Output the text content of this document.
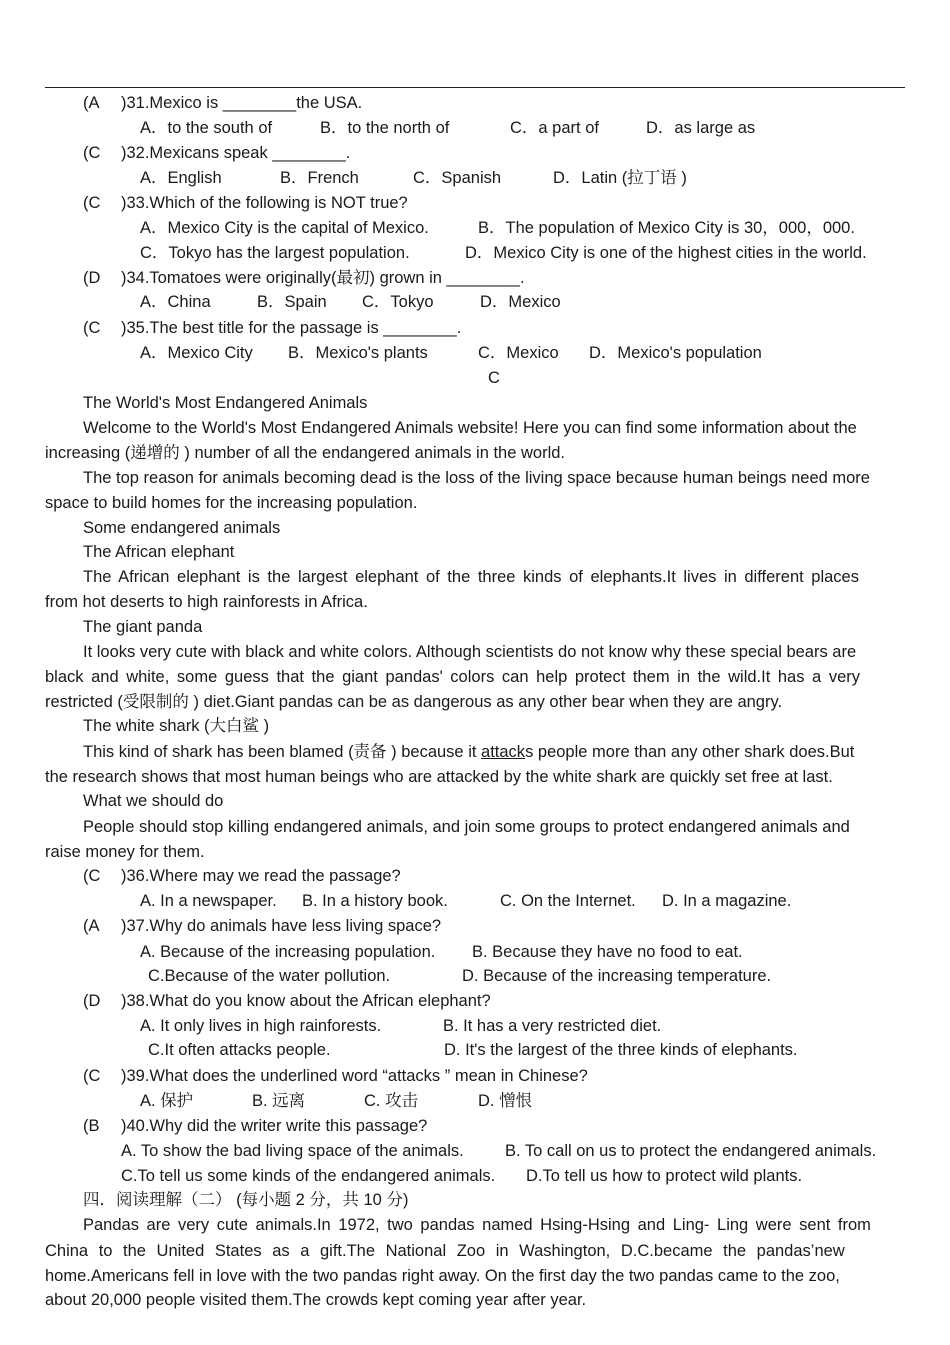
(A )31.Mexico is ________the USA.
A．to the south of	B．to the north of	C．a part of	D．as large as
(C )32.Mexicans speak ________.
A．English	B．French	C．Spanish	D．Latin (拉丁语 )
(C )33.Which of the following is NOT true?
A．Mexico City is the capital of Mexico.	B．The population of Mexico City is 30，000，000.
C．Tokyo has the largest population.	D．Mexico City is one of the highest cities in the world.
(D )34.Tomatoes were originally(最初) grown in ________.
A．China	B．Spain C．Tokyo	D．Mexico
(C )35.The best title for the passage is ________.
A．Mexico City B．Mexico's plants	C．Mexico D．Mexico's population
C
The World's Most Endangered Animals
Welcome to the World's Most Endangered Animals website! Here you can find some information about the
increasing (递增的 ) number of all the endangered animals in the world.
The top reason for animals becoming dead is the loss of the living space because human beings need more
space to build homes for the increasing population.
Some endangered animals
The African elephant
The African elephant is the largest elephant of the three kinds of elephants.It lives in different places
from hot deserts to high rainforests in Africa.
The giant panda
It looks very cute with black and white colors. Although scientists do not know why these special bears are
black and white, some guess that the giant pandas' colors can help protect them in the wild.It has a very
restricted (受限制的 ) diet.Giant pandas can be as dangerous as any other bear when they are angry.
The white shark (大白鲨 )
This kind of shark has been blamed (责备 ) because it attacks people more than any other shark does.But
the research shows that most human beings who are attacked by the white shark are quickly set free at last.
What we should do
People should stop killing endangered animals, and join some groups to protect endangered animals and
raise money for them.
(C )36.Where may we read the passage?
A. In a newspaper. B. In a history book.	C. On the Internet. D. In a magazine.
(A )37.Why do animals have less living space?
A. Because of the increasing population. B. Because they have no food to eat.
C.Because of the water pollution.	D. Because of the increasing temperature.
(D )38.What do you know about the African elephant?
A. It only lives in high rainforests.	B. It has a very restricted diet.
C.It often attacks people.	D. It's the largest of the three kinds of elephants.
(C )39.What does the underlined word “attacks ” mean in Chinese?
A. 保护	B. 远离	C. 攻击	D. 憎恨
(B )40.Why did the writer write this passage?
A. To show the bad living space of the animals.	B. To call on us to protect the endangered animals.
C.To tell us some kinds of the endangered animals. D.To tell us how to protect wild plants.
四．阅读理解（二） (每小题 2 分，共 10 分)
Pandas are very cute animals.In 1972, two pandas named Hsing-Hsing and Ling- Ling were sent from
China to the United States as a gift.The National Zoo in Washington, D.C.became the pandas’new
home.Americans fell in love with the two pandas right away. On the first day the two pandas came to the zoo,
about 20,000 people visited them.The crowds kept coming year after year.
